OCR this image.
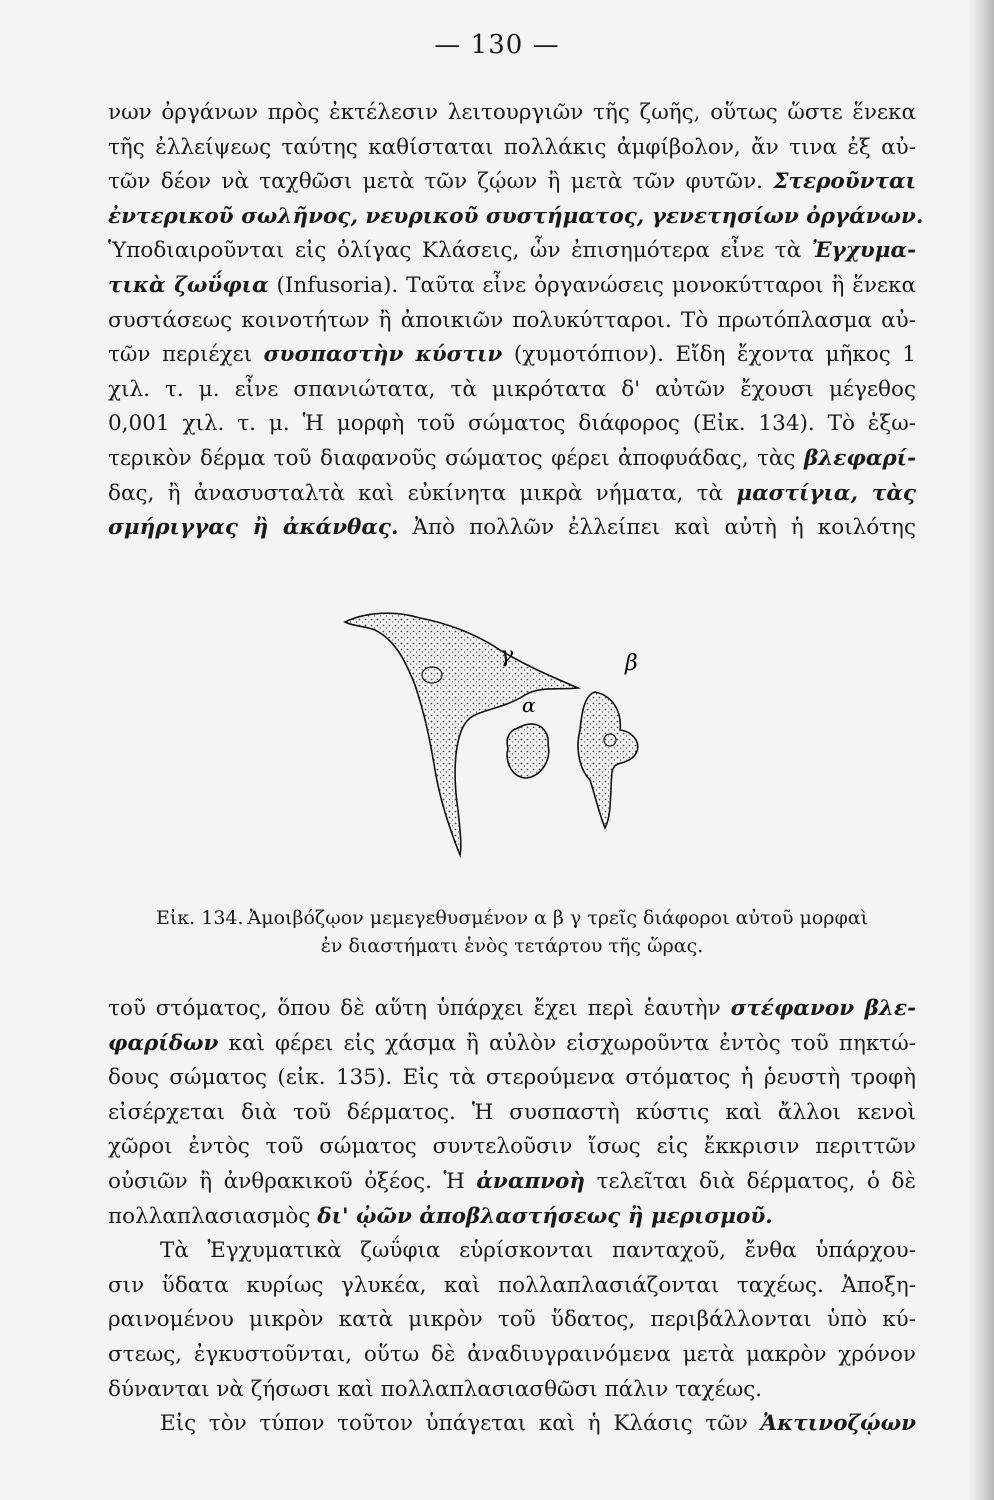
— 130 —
νων ὀργάνων πρὸς ἐκτέλεσιν λειτουργιῶν τῆς ζωῆς, οὕτως ὥστε ἕνεκα
τῆς ἐλλείψεως ταύτης καθίσταται πολλάκις ἀμφίβολον, ἄν τινα ἐξ αὐ-
τῶν δέον νὰ ταχθῶσι μετὰ τῶν ζῴων ἢ μετὰ τῶν φυτῶν. Στεροῦνται
ἐντερικοῦ σωλῆνος, νευρικοῦ συστήματος, γενετησίων ὀργάνων.
Ὑποδιαιροῦνται εἰς ὀλίγας Κλάσεις, ὧν ἐπισημότερα εἶνε τὰ Ἐγχυμα-
τικὰ ζωΰφια (Infusoria). Ταῦτα εἶνε ὀργανώσεις μονοκύτταροι ἢ ἕνεκα
συστάσεως κοινοτήτων ἢ ἀποικιῶν πολυκύτταροι. Τὸ πρωτόπλασμα αὐ-
τῶν περιέχει συσπαστὴν κύστιν (χυμοτόπιον). Εἴδη ἔχοντα μῆκος 1
χιλ. τ. μ. εἶνε σπανιώτατα, τὰ μικρότατα δ' αὐτῶν ἔχουσι μέγεθος
0,001 χιλ. τ. μ. Ἡ μορφὴ τοῦ σώματος διάφορος (Εἰκ. 134). Τὸ ἐξω-
τερικὸν δέρμα τοῦ διαφανοῦς σώματος φέρει ἀποφυάδας, τὰς βλεφαρί-
δας, ἢ ἀνασυσταλτὰ καὶ εὐκίνητα μικρὰ νήματα, τὰ μαστίγια, τὰς
σμήριγγας ἢ ἀκάνθας. Ἀπὸ πολλῶν ἐλλείπει καὶ αὐτὴ ἡ κοιλότης
γ	β
α
Εἰκ. 134. Ἀμοιβόζῳον μεμεγεθυσμένον α β γ τρεῖς διάφοροι αὐτοῦ μορφαὶ
ἐν διαστήματι ἑνὸς τετάρτου τῆς ὥρας.
τοῦ στόματος, ὅπου δὲ αὕτη ὑπάρχει ἔχει περὶ ἑαυτὴν στέφανον βλε-
φαρίδων καὶ φέρει εἰς χάσμα ἢ αὐλὸν εἰσχωροῦντα ἐντὸς τοῦ πηκτώ-
δους σώματος (εἰκ. 135). Εἰς τὰ στερούμενα στόματος ἡ ῥευστὴ τροφὴ
εἰσέρχεται διὰ τοῦ δέρματος. Ἡ συσπαστὴ κύστις καὶ ἄλλοι κενοὶ
χῶροι ἐντὸς τοῦ σώματος συντελοῦσιν ἴσως εἰς ἔκκρισιν περιττῶν
οὐσιῶν ἢ ἀνθρακικοῦ ὀξέος. Ἡ ἀναπνοὴ τελεῖται διὰ δέρματος, ὁ δὲ
πολλαπλασιασμὸς δι' ᾠῶν ἀποβλαστήσεως ἢ μερισμοῦ.
Τὰ Ἐγχυματικὰ ζωΰφια εὑρίσκονται πανταχοῦ, ἔνθα ὑπάρχου-
σιν ὕδατα κυρίως γλυκέα, καὶ πολλαπλασιάζονται ταχέως. Ἀποξη-
ραινομένου μικρὸν κατὰ μικρὸν τοῦ ὕδατος, περιβάλλονται ὑπὸ κύ-
στεως, ἐγκυστοῦνται, οὕτω δὲ ἀναδιυγραινόμενα μετὰ μακρὸν χρόνον
δύνανται νὰ ζήσωσι καὶ πολλαπλασιασθῶσι πάλιν ταχέως.
Εἰς τὸν τύπον τοῦτον ὑπάγεται καὶ ἡ Κλάσις τῶν Ἀκτινοζῴων
